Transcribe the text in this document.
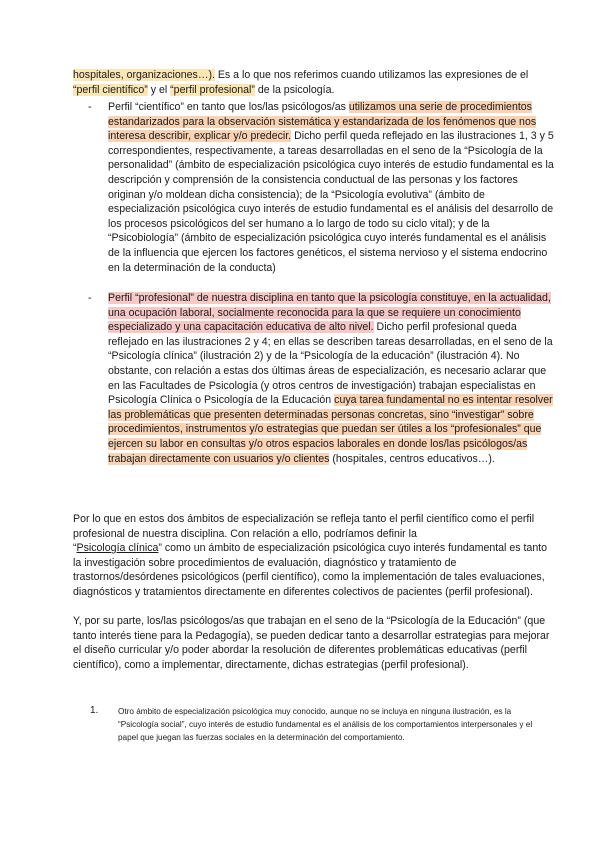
hospitales, organizaciones…). Es a lo que nos referimos cuando utilizamos las expresiones de el “perfil científico” y el “perfil profesional” de la psicología.
- Perfil “científico” en tanto que los/las psicólogos/as utilizamos una serie de procedimientos estandarizados para la observación sistemática y estandarizada de los fenómenos que nos interesa describir, explicar y/o predecir. Dicho perfil queda reflejado en las ilustraciones 1, 3 y 5 correspondientes, respectivamente, a tareas desarrolladas en el seno de la “Psicología de la personalidad” (ámbito de especialización psicológica cuyo interés de estudio fundamental es la descripción y comprensión de la consistencia conductual de las personas y los factores originan y/o moldean dicha consistencia); de la “Psicología evolutiva” (ámbito de especialización psicológica cuyo interés de estudio fundamental es el análisis del desarrollo de los procesos psicológicos del ser humano a lo largo de todo su ciclo vital); y de la “Psicobiología” (ámbito de especialización psicológica cuyo interés fundamental es el análisis de la influencia que ejercen los factores genéticos, el sistema nervioso y el sistema endocrino en la determinación de la conducta)
- Perfil “profesional” de nuestra disciplina en tanto que la psicología constituye, en la actualidad, una ocupación laboral, socialmente reconocida para la que se requiere un conocimiento especializado y una capacitación educativa de alto nivel. Dicho perfil profesional queda reflejado en las ilustraciones 2 y 4; en ellas se describen tareas desarrolladas, en el seno de la “Psicología clínica” (ilustración 2) y de la “Psicología de la educación” (ilustración 4). No obstante, con relación a estas dos últimas áreas de especialización, es necesario aclarar que en las Facultades de Psicología (y otros centros de investigación) trabajan especialistas en Psicología Clínica o Psicología de la Educación cuya tarea fundamental no es intentar resolver las problemáticas que presenten determinadas personas concretas, sino “investigar” sobre procedimientos, instrumentos y/o estrategias que puedan ser útiles a los “profesionales” que ejercen su labor en consultas y/o otros espacios laborales en donde los/las psicólogos/as trabajan directamente con usuarios y/o clientes (hospitales, centros educativos…).
Por lo que en estos dos ámbitos de especialización se refleja tanto el perfil científico como el perfil profesional de nuestra disciplina. Con relación a ello, podríamos definir la
“Psicología clínica” como un ámbito de especialización psicológica cuyo interés fundamental es tanto la investigación sobre procedimientos de evaluación, diagnóstico y tratamiento de trastornos/desórdenes psicológicos (perfil científico), como la implementación de tales evaluaciones, diagnósticos y tratamientos directamente en diferentes colectivos de pacientes (perfil profesional).
Y, por su parte, los/las psicólogos/as que trabajan en el seno de la “Psicología de la Educación” (que tanto interés tiene para la Pedagogía), se pueden dedicar tanto a desarrollar estrategias para mejorar el diseño curricular y/o poder abordar la resolución de diferentes problemáticas educativas (perfil científico), como a implementar, directamente, dichas estrategias (perfil profesional).
1. Otro ámbito de especialización psicológica muy conocido, aunque no se incluya en ninguna ilustración, es la “Psicología social”, cuyo interés de estudio fundamental es el análisis de los comportamientos interpersonales y el papel que juegan las fuerzas sociales en la determinación del comportamiento.
